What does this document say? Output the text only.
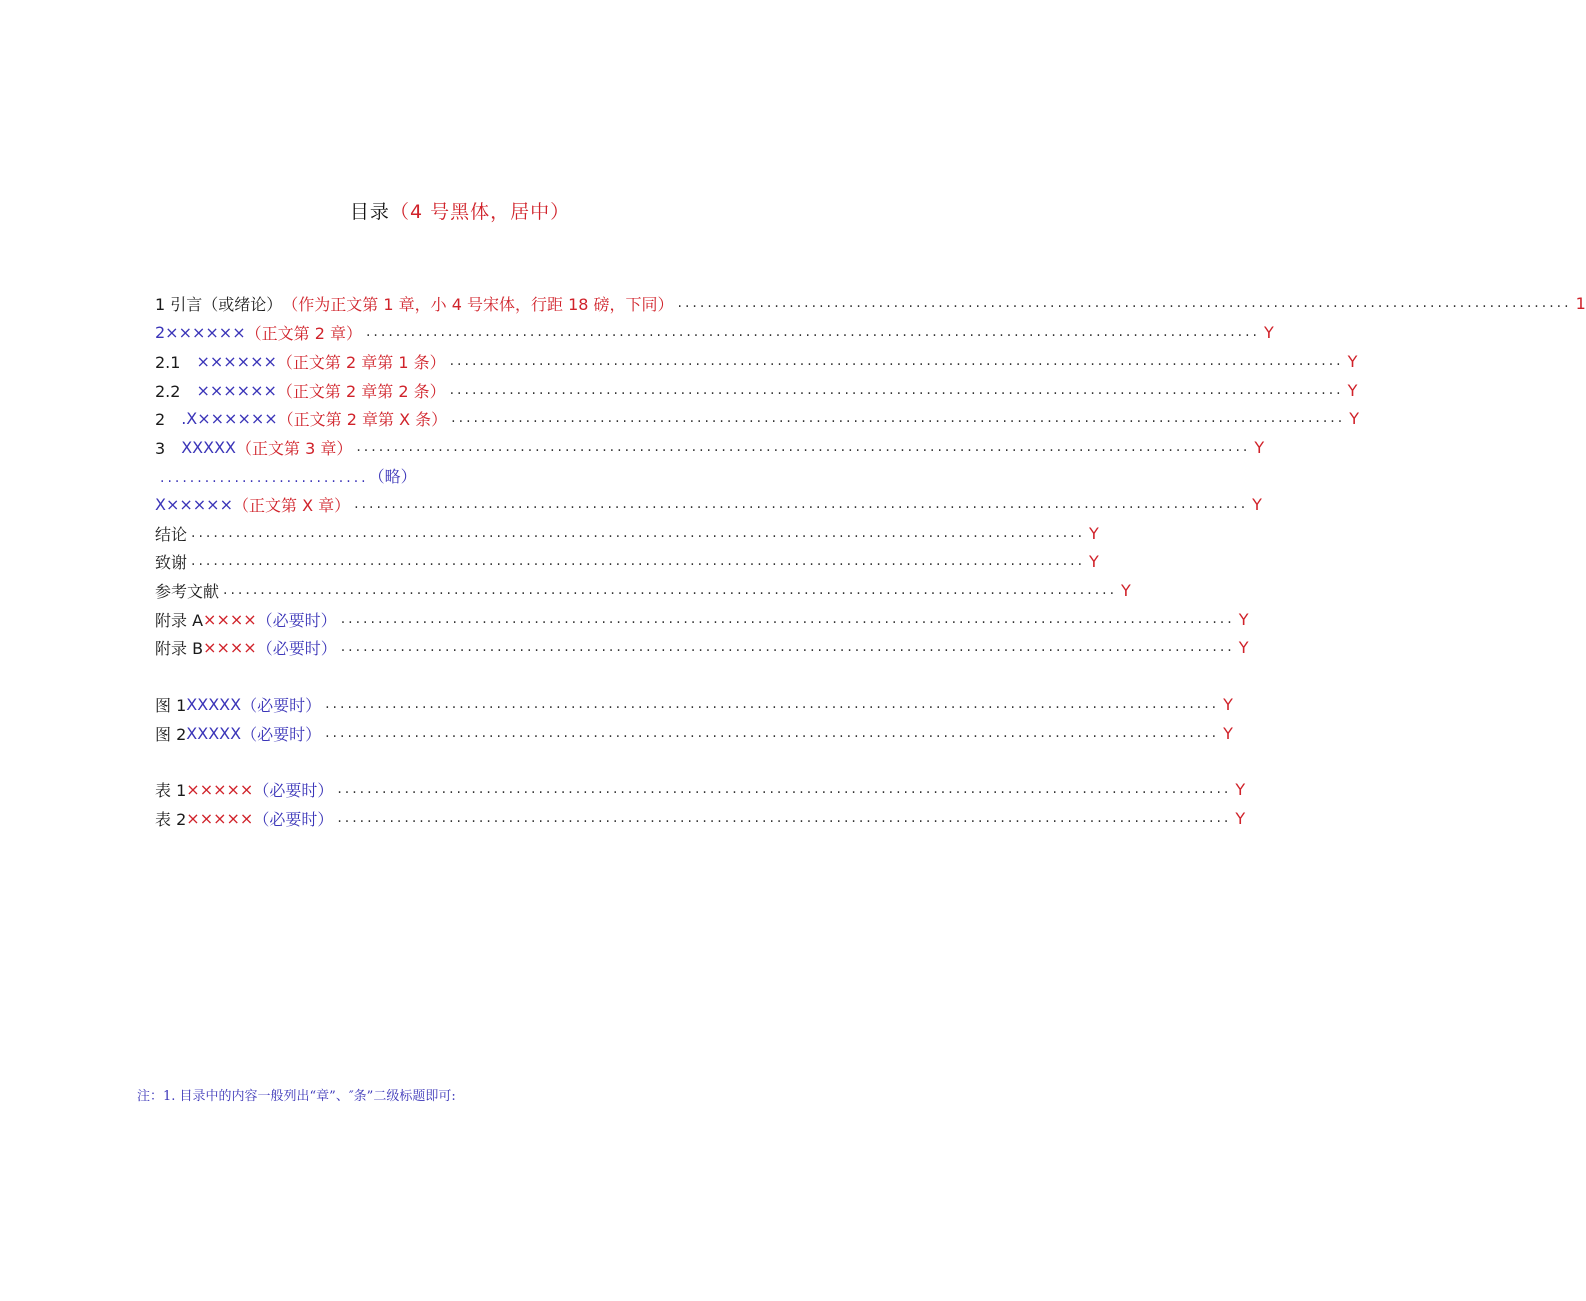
目录（4 号黑体，居中）
1 引言（或绪论） （作为正文第 1 章，小 4 号宋体，行距 18 磅，下同） ........................................................................................................................ 1
2×××××× （正文第 2 章） ........................................................................................................................ Y
2.1　 ×××××× （正文第 2 章第 1 条） ........................................................................................................................ Y
2.2　 ×××××× （正文第 2 章第 2 条） ........................................................................................................................ Y
2　 .X×××××× （正文第 2 章第 X 条） ........................................................................................................................ Y
3　 XXXXX （正文第 3 章） ........................................................................................................................ Y
X××××× （正文第 X 章） ........................................................................................................................ Y
结论 ........................................................................................................................ Y
致谢 ........................................................................................................................ Y
参考文献 ........................................................................................................................ Y
附录 A ×××× （必要时） ........................................................................................................................ Y
附录 B ×××× （必要时） ........................................................................................................................ Y
图 1 XXXXX （必要时） ........................................................................................................................ Y
图 2 XXXXX （必要时） ........................................................................................................................ Y
表 1 ××××× （必要时） ........................................................................................................................ Y
表 2 ××××× （必要时） ........................................................................................................................ Y
............................（略）
注：1. 目录中的内容一般列出“章”、″条”二级标题即可:
